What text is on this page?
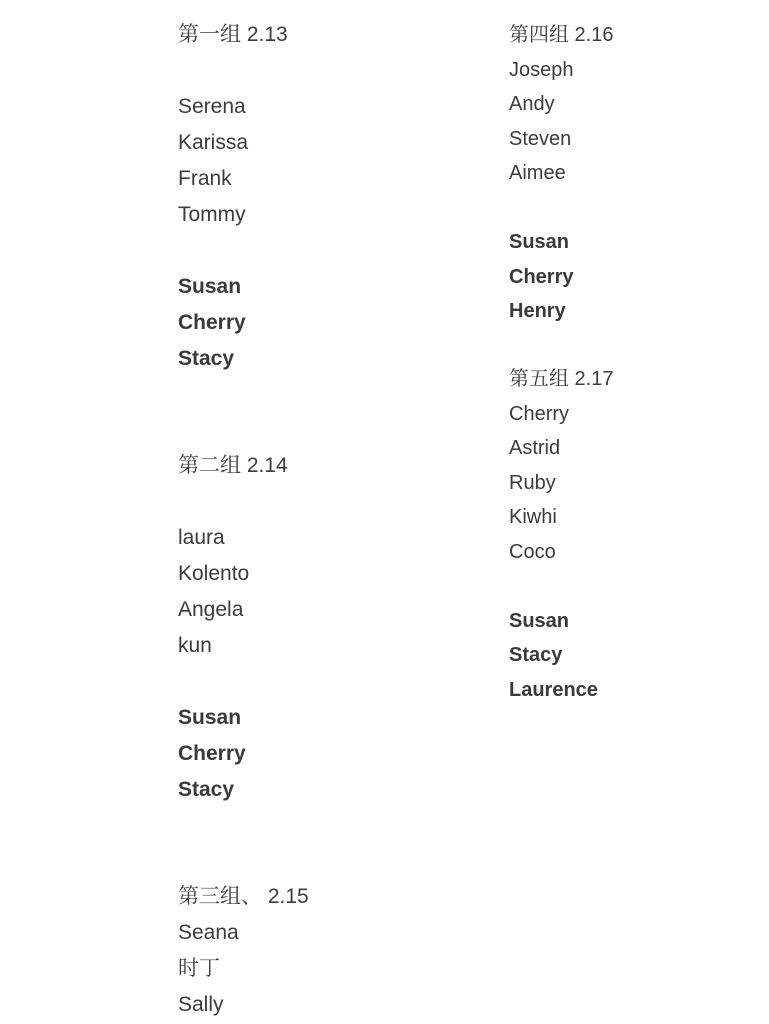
第一组 2.13
Serena
Karissa
Frank
Tommy
Susan
Cherry
Stacy
第二组 2.14
laura
Kolento
Angela
kun
Susan
Cherry
Stacy
第三组、 2.15
Seana
时丁
Sally
第四组 2.16
Joseph
Andy
Steven
Aimee
Susan
Cherry
Henry
第五组 2.17
Cherry
Astrid
Ruby
Kiwhi
Coco
Susan
Stacy
Laurence
